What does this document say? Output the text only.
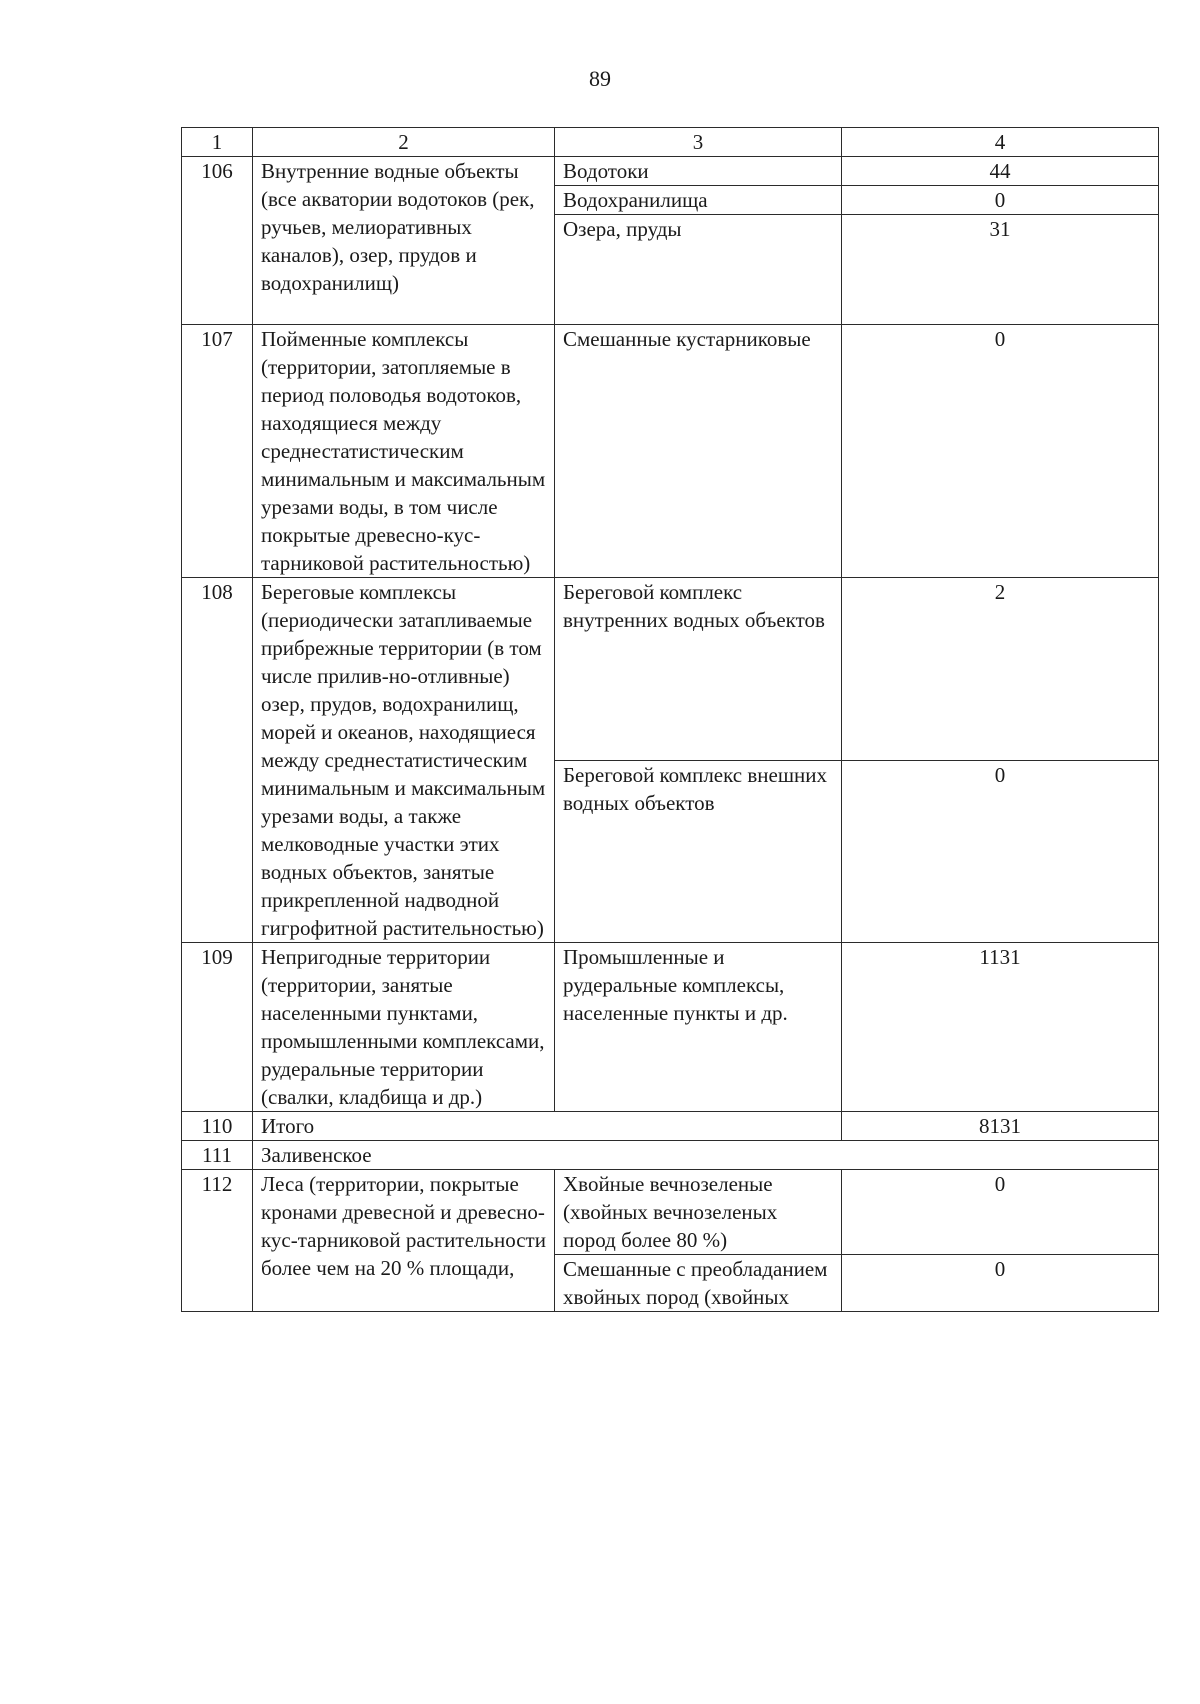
89
1	2	3	4
106	Внутренние водные объекты (все акватории водотоков (рек, ручьев, мелиоративных каналов), озер, прудов и водохранилищ)	Водотоки	44
		Водохранилища	0
		Озера, пруды	31
107	Пойменные комплексы (территории, затопляемые в период половодья водотоков, находящиеся между среднестатистическим минимальным и максимальным урезами воды, в том числе покрытые древесно-кус-тарниковой растительностью)	Смешанные кустарниковые	0
108	Береговые комплексы (периодически затапливаемые прибрежные территории (в том числе прилив-но-отливные) озер, прудов, водохранилищ, морей и океанов, находящиеся между среднестатистическим минимальным и максимальным урезами воды, а также мелководные участки этих водных объектов, занятые прикрепленной надводной гигрофитной растительностью)	Береговой комплекс внутренних водных объектов	2
		Береговой комплекс внешних водных объектов	0
109	Непригодные территории (территории, занятые населенными пунктами, промышленными комплексами, рудеральные территории (свалки, кладбища и др.)	Промышленные и рудеральные комплексы, населенные пункты и др.	1131
110	Итого		8131
111	Заливенское		
112	Леса (территории, покрытые кронами древесной и древесно-кус-тарниковой растительности более чем на 20 % площади,	Хвойные вечнозеленые (хвойных вечнозеленых пород более 80 %)	0
		Смешанные с преобладанием хвойных пород (хвойных	0
